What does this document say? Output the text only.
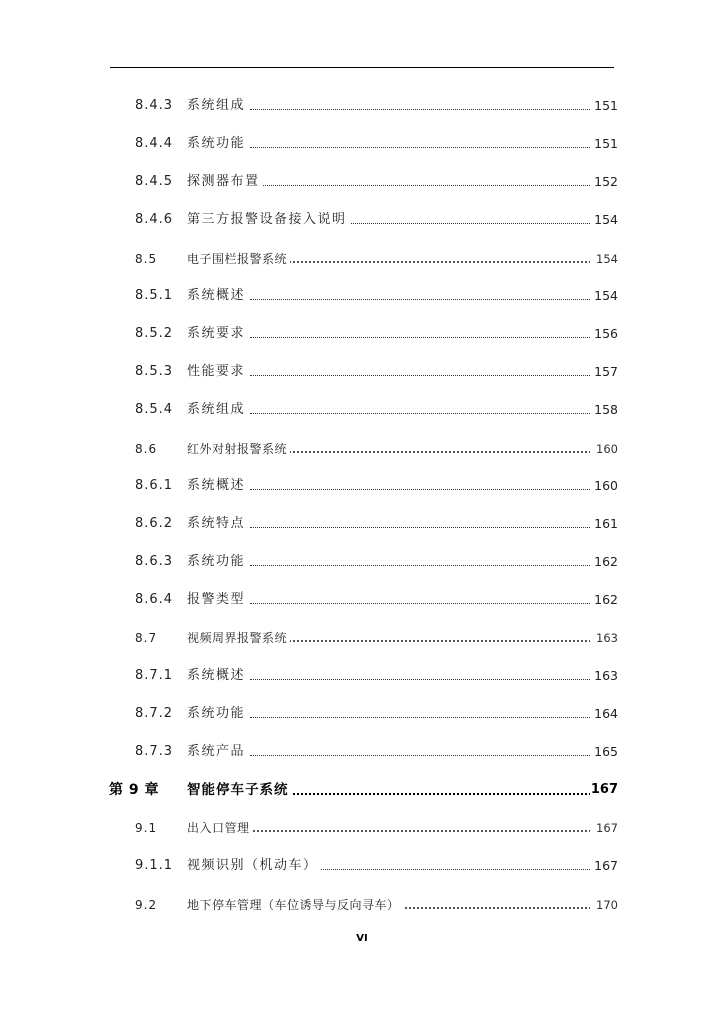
8.4.3 系统组成	151
8.4.4 系统功能	151
8.4.5 探测器布置	152
8.4.6 第三方报警设备接入说明	154
8.5 电子围栏报警系统	154
8.5.1 系统概述	154
8.5.2 系统要求	156
8.5.3 性能要求	157
8.5.4 系统组成	158
8.6 红外对射报警系统	160
8.6.1 系统概述	160
8.6.2 系统特点	161
8.6.3 系统功能	162
8.6.4 报警类型	162
8.7 视频周界报警系统	163
8.7.1 系统概述	163
8.7.2 系统功能	164
8.7.3 系统产品	165
第 9 章 智能停车子系统	167
9.1 出入口管理	167
9.1.1 视频识别（机动车）	167
9.2 地下停车管理（车位诱导与反向寻车）	170
VI
